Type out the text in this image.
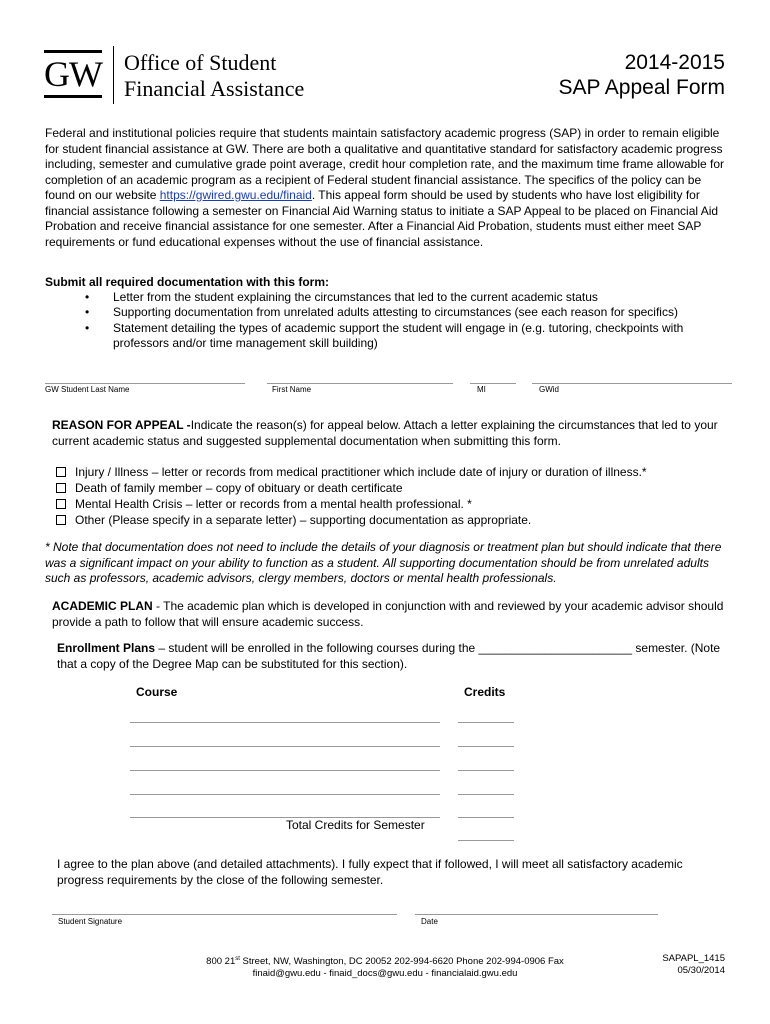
GW Office of Student
Financial Assistance
2014-2015
SAP Appeal Form
Federal and institutional policies require that students maintain satisfactory academic progress (SAP) in order to remain eligible for student financial assistance at GW. There are both a qualitative and quantitative standard for satisfactory academic progress including, semester and cumulative grade point average, credit hour completion rate, and the maximum time frame allowable for completion of an academic program as a recipient of Federal student financial assistance. The specifics of the policy can be found on our website https://gwired.gwu.edu/finaid. This appeal form should be used by students who have lost eligibility for financial assistance following a semester on Financial Aid Warning status to initiate a SAP Appeal to be placed on Financial Aid Probation and receive financial assistance for one semester. After a Financial Aid Probation, students must either meet SAP requirements or fund educational expenses without the use of financial assistance.
Submit all required documentation with this form:
• Letter from the student explaining the circumstances that led to the current academic status
• Supporting documentation from unrelated adults attesting to circumstances (see each reason for specifics)
• Statement detailing the types of academic support the student will engage in (e.g. tutoring, checkpoints with professors and/or time management skill building)
GW Student Last Name	First Name	MI	GWid
REASON FOR APPEAL -Indicate the reason(s) for appeal below. Attach a letter explaining the circumstances that led to your current academic status and suggested supplemental documentation when submitting this form.
Injury / Illness – letter or records from medical practitioner which include date of injury or duration of illness.*
Death of family member – copy of obituary or death certificate
Mental Health Crisis – letter or records from a mental health professional. *
Other (Please specify in a separate letter) – supporting documentation as appropriate.
* Note that documentation does not need to include the details of your diagnosis or treatment plan but should indicate that there was a significant impact on your ability to function as a student. All supporting documentation should be from unrelated adults such as professors, academic advisors, clergy members, doctors or mental health professionals.
ACADEMIC PLAN - The academic plan which is developed in conjunction with and reviewed by your academic advisor should provide a path to follow that will ensure academic success.
Enrollment Plans – student will be enrolled in the following courses during the _______________________ semester. (Note that a copy of the Degree Map can be substituted for this section).
Course	Credits
Total Credits for Semester
I agree to the plan above (and detailed attachments). I fully expect that if followed, I will meet all satisfactory academic progress requirements by the close of the following semester.
Student Signature	Date
800 21st Street, NW, Washington, DC 20052 202-994-6620 Phone 202-994-0906 Fax
finaid@gwu.edu - finaid_docs@gwu.edu - financialaid.gwu.edu
SAPAPL_1415
05/30/2014
